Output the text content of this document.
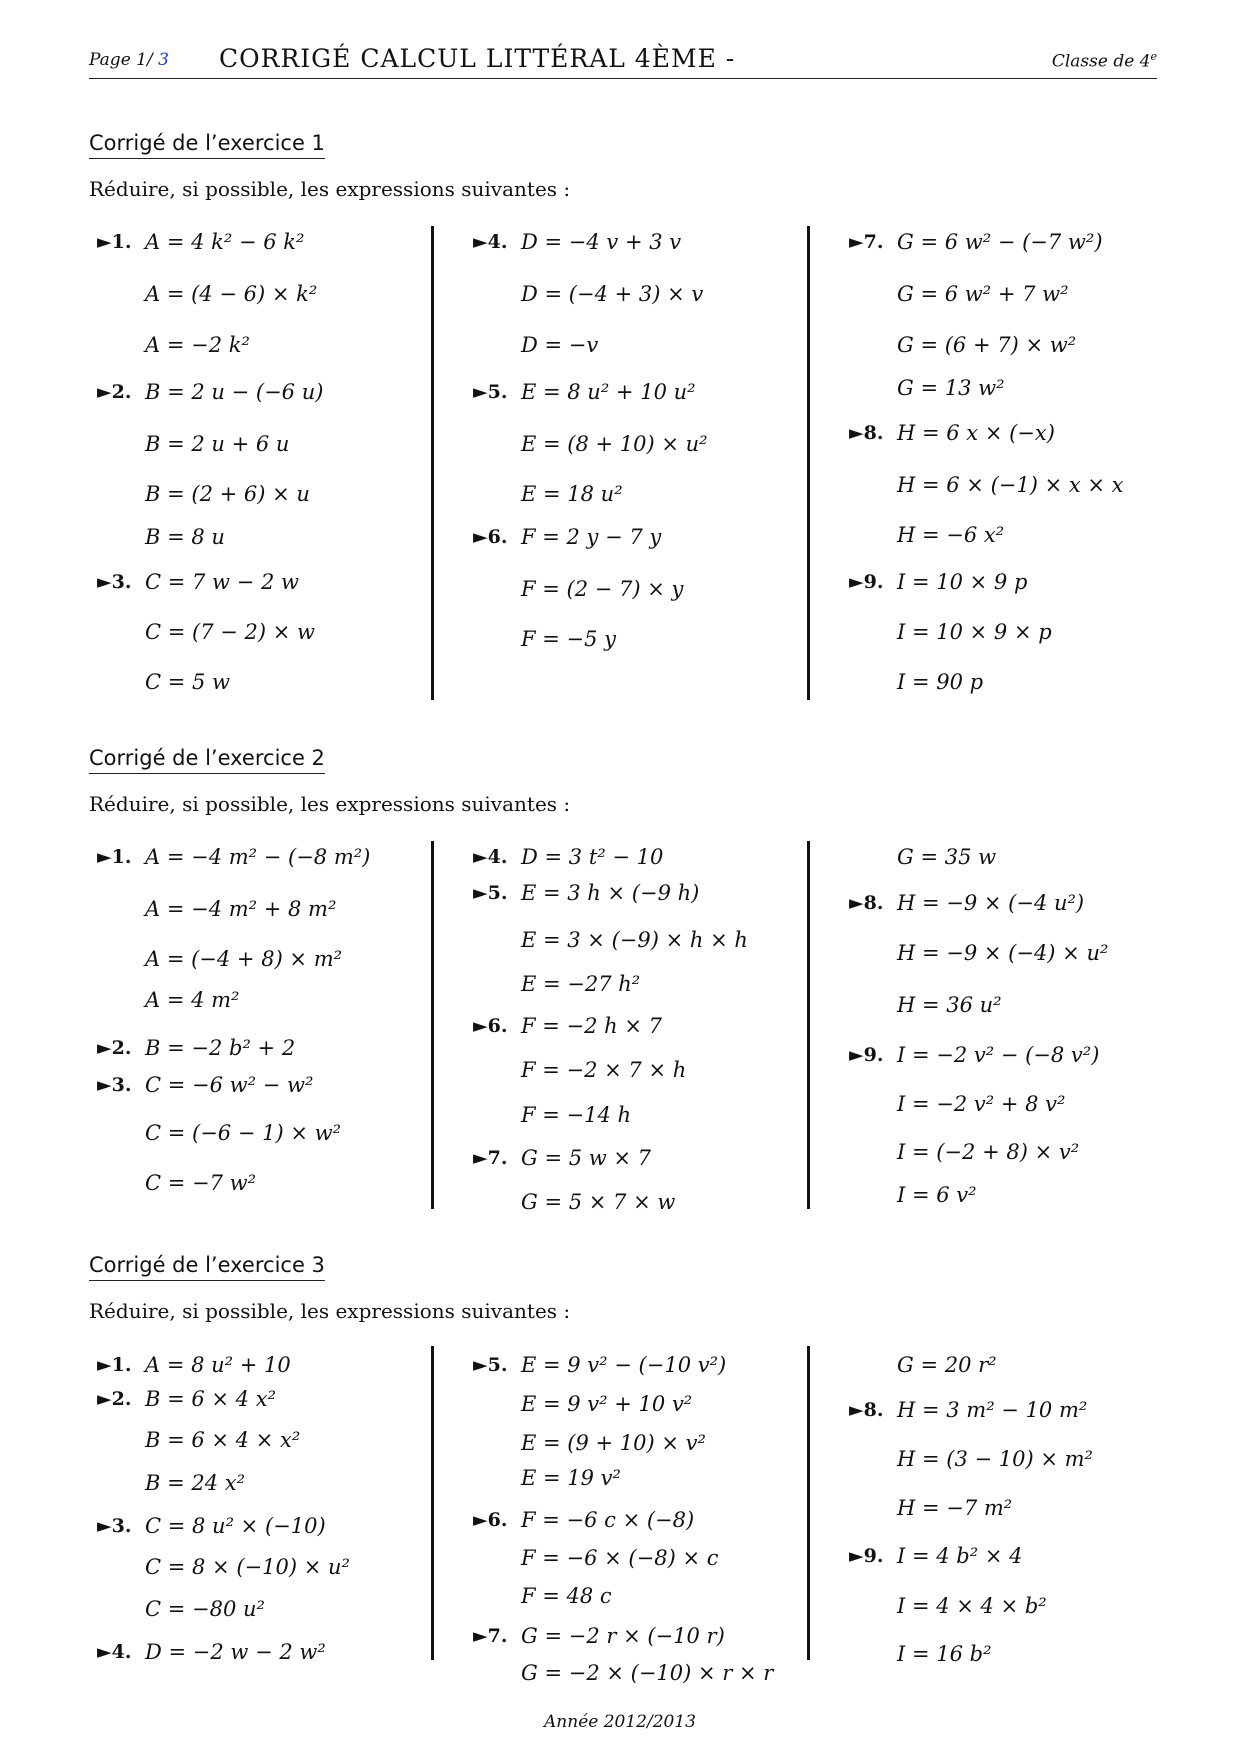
Page 1/ 3 CORRIGÉ CALCUL LITTÉRAL 4ÈME -	Classe de 4e
Corrigé de l’exercice 1
Réduire, si possible, les expressions suivantes :
►1. A = 4 k² − 6 k²
A = (4 − 6) × k²
A = −2 k²
►2. B = 2 u − (−6 u)
B = 2 u + 6 u
B = (2 + 6) × u
B = 8 u
►3. C = 7 w − 2 w
C = (7 − 2) × w
C = 5 w
►4. D = −4 v + 3 v
D = (−4 + 3) × v
D = −v
►5. E = 8 u² + 10 u²
E = (8 + 10) × u²
E = 18 u²
►6. F = 2 y − 7 y
F = (2 − 7) × y
F = −5 y
►7. G = 6 w² − (−7 w²)
G = 6 w² + 7 w²
G = (6 + 7) × w²
G = 13 w²
►8. H = 6 x × (−x)
H = 6 × (−1) × x × x
H = −6 x²
►9. I = 10 × 9 p
I = 10 × 9 × p
I = 90 p
Corrigé de l’exercice 2
Réduire, si possible, les expressions suivantes :
►1. A = −4 m² − (−8 m²)
A = −4 m² + 8 m²
A = (−4 + 8) × m²
A = 4 m²
►2. B = −2 b² + 2
►3. C = −6 w² − w²
C = (−6 − 1) × w²
C = −7 w²
►4. D = 3 t² − 10
►5. E = 3 h × (−9 h)
E = 3 × (−9) × h × h
E = −27 h²
►6. F = −2 h × 7
F = −2 × 7 × h
F = −14 h
►7. G = 5 w × 7
G = 5 × 7 × w
G = 35 w
►8. H = −9 × (−4 u²)
H = −9 × (−4) × u²
H = 36 u²
►9. I = −2 v² − (−8 v²)
I = −2 v² + 8 v²
I = (−2 + 8) × v²
I = 6 v²
Corrigé de l’exercice 3
Réduire, si possible, les expressions suivantes :
►1. A = 8 u² + 10
►2. B = 6 × 4 x²
B = 6 × 4 × x²
B = 24 x²
►3. C = 8 u² × (−10)
C = 8 × (−10) × u²
C = −80 u²
►4. D = −2 w − 2 w²
►5. E = 9 v² − (−10 v²)
E = 9 v² + 10 v²
E = (9 + 10) × v²
E = 19 v²
►6. F = −6 c × (−8)
F = −6 × (−8) × c
F = 48 c
►7. G = −2 r × (−10 r)
G = −2 × (−10) × r × r
G = 20 r²
►8. H = 3 m² − 10 m²
H = (3 − 10) × m²
H = −7 m²
►9. I = 4 b² × 4
I = 4 × 4 × b²
I = 16 b²
Année 2012/2013
